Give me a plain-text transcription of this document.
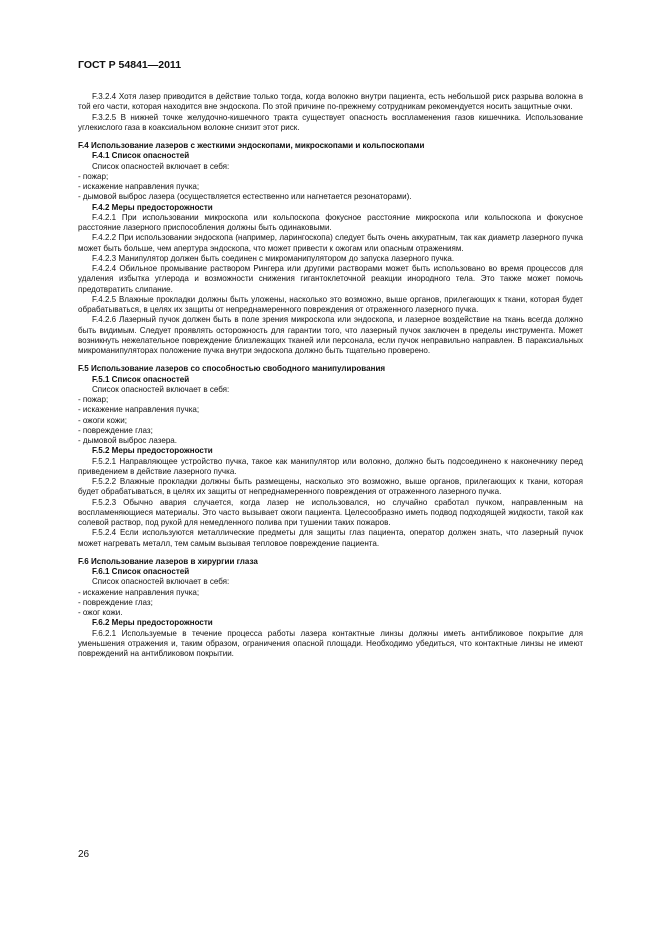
ГОСТ Р 54841—2011

F.3.2.4 Хотя лазер приводится в действие только тогда, когда волокно внутри пациента, есть небольшой риск разрыва волокна в той его части, которая находится вне эндоскопа. По этой причине по-прежнему сотрудникам рекомендуется носить защитные очки.

F.3.2.5 В нижней точке желудочно-кишечного тракта существует опасность воспламенения газов кишечника. Использование углекислого газа в коаксиальном волокне снизит этот риск.

F.4 Использование лазеров с жесткими эндоскопами, микроскопами и кольпоскопами

F.4.1 Список опасностей

Список опасностей включает в себя:

- пожар;

- искажение направления пучка;

- дымовой выброс лазера (осуществляется естественно или нагнетается резонаторами).

F.4.2 Меры предосторожности

F.4.2.1 При использовании микроскопа или кольпоскопа фокусное расстояние микроскопа или кольпоскопа и фокусное расстояние лазерного приспособления должны быть одинаковыми.

F.4.2.2 При использовании эндоскопа (например, ларингоскопа) следует быть очень аккуратным, так как диаметр лазерного пучка может быть больше, чем апертура эндоскопа, что может привести к ожогам или опасным отражениям.

F.4.2.3 Манипулятор должен быть соединен с микроманипулятором до запуска лазерного пучка.

F.4.2.4 Обильное промывание раствором Рингера или другими растворами может быть использовано во время процессов для удаления избытка углерода и возможности снижения гигантоклеточной реакции инородного тела. Это также может помочь предотвратить слипание.

F.4.2.5 Влажные прокладки должны быть уложены, насколько это возможно, выше органов, прилегающих к ткани, которая будет обрабатываться, в целях их защиты от непреднамеренного повреждения от отраженного лазерного пучка.

F.4.2.6 Лазерный пучок должен быть в поле зрения микроскопа или эндоскопа, и лазерное воздействие на ткань всегда должно быть видимым. Следует проявлять осторожность для гарантии того, что лазерный пучок заключен в пределы инструмента. Может возникнуть нежелательное повреждение близлежащих тканей или персонала, если пучок неправильно направлен. В параксиальных микроманипуляторах положение пучка внутри эндоскопа должно быть тщательно проверено.

F.5 Использование лазеров со способностью свободного манипулирования

F.5.1 Список опасностей

Список опасностей включает в себя:

- пожар;

- искажение направления пучка;

- ожоги кожи;

- повреждение глаз;

- дымовой выброс лазера.

F.5.2 Меры предосторожности

F.5.2.1 Направляющее устройство пучка, такое как манипулятор или волокно, должно быть подсоединено к наконечнику перед приведением в действие лазерного пучка.

F.5.2.2 Влажные прокладки должны быть размещены, насколько это возможно, выше органов, прилегающих к ткани, которая будет обрабатываться, в целях их защиты от непреднамеренного повреждения от отраженного лазерного пучка.

F.5.2.3 Обычно авария случается, когда лазер не использовался, но случайно сработал пучком, направленным на воспламеняющиеся материалы. Это часто вызывает ожоги пациента. Целесообразно иметь подвод подходящей жидкости, такой как солевой раствор, под рукой для немедленного полива при тушении таких пожаров.

F.5.2.4 Если используются металлические предметы для защиты глаз пациента, оператор должен знать, что лазерный пучок может нагревать металл, тем самым вызывая тепловое повреждение пациента.

F.6 Использование лазеров в хирургии глаза

F.6.1 Список опасностей

Список опасностей включает в себя:

- искажение направления пучка;

- повреждение глаз;

- ожог кожи.

F.6.2 Меры предосторожности

F.6.2.1 Используемые в течение процесса работы лазера контактные линзы должны иметь антибликовое покрытие для уменьшения отражения и, таким образом, ограничения опасной площади. Необходимо убедиться, что контактные линзы не имеют повреждений на антибликовом покрытии.

26
